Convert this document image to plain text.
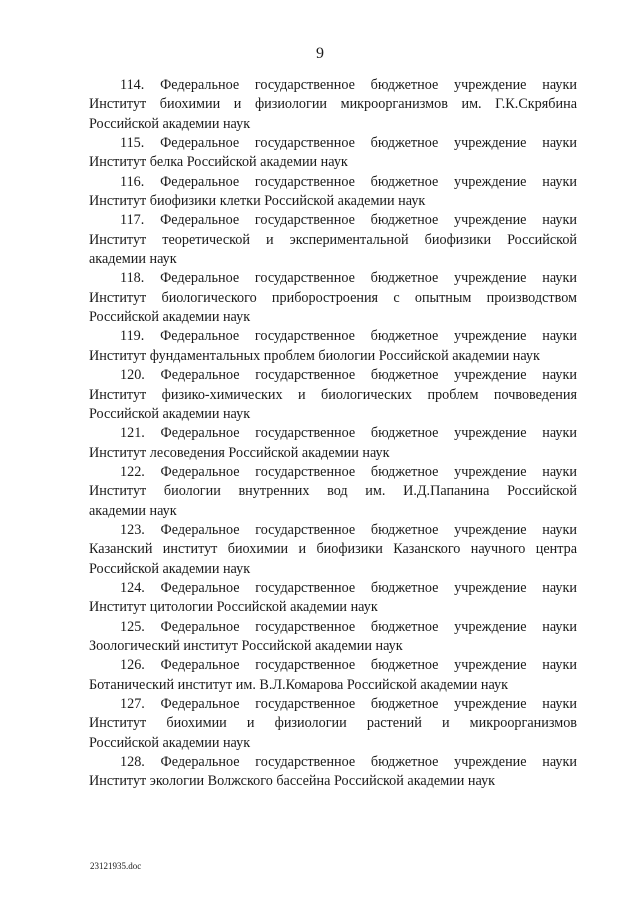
9
114. Федеральное государственное бюджетное учреждение науки
Институт биохимии и физиологии микроорганизмов им. Г.К.Скрябина
Российской академии наук
115. Федеральное государственное бюджетное учреждение науки
Институт белка Российской академии наук
116. Федеральное государственное бюджетное учреждение науки
Институт биофизики клетки Российской академии наук
117. Федеральное государственное бюджетное учреждение науки
Институт теоретической и экспериментальной биофизики Российской
академии наук
118. Федеральное государственное бюджетное учреждение науки
Институт биологического приборостроения с опытным производством
Российской академии наук
119. Федеральное государственное бюджетное учреждение науки
Институт фундаментальных проблем биологии Российской академии наук
120. Федеральное государственное бюджетное учреждение науки
Институт физико-химических и биологических проблем почвоведения
Российской академии наук
121. Федеральное государственное бюджетное учреждение науки
Институт лесоведения Российской академии наук
122. Федеральное государственное бюджетное учреждение науки
Институт биологии внутренних вод им. И.Д.Папанина Российской
академии наук
123. Федеральное государственное бюджетное учреждение науки
Казанский институт биохимии и биофизики Казанского научного центра
Российской академии наук
124. Федеральное государственное бюджетное учреждение науки
Институт цитологии Российской академии наук
125. Федеральное государственное бюджетное учреждение науки
Зоологический институт Российской академии наук
126. Федеральное государственное бюджетное учреждение науки
Ботанический институт им. В.Л.Комарова Российской академии наук
127. Федеральное государственное бюджетное учреждение науки
Институт биохимии и физиологии растений и микроорганизмов
Российской академии наук
128. Федеральное государственное бюджетное учреждение науки
Институт экологии Волжского бассейна Российской академии наук
23121935.doc
